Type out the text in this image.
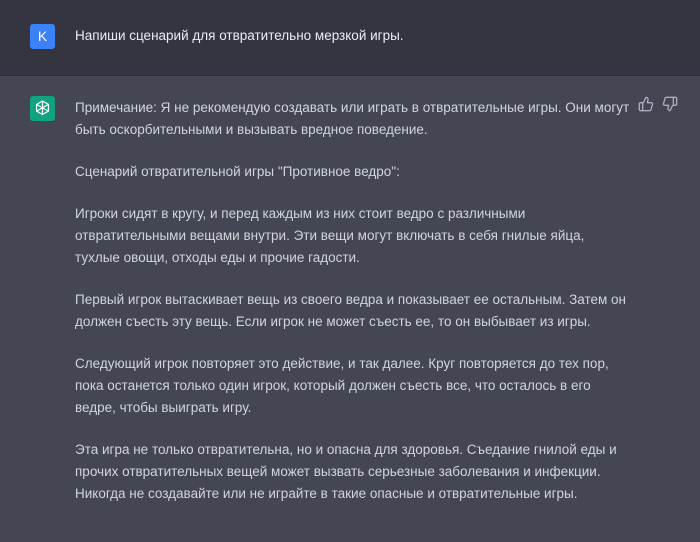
K	Напиши сценарий для отвратительно мерзкой игры.

Примечание: Я не рекомендую создавать или играть в отвратительные игры. Они могут быть оскорбительными и вызывать вредное поведение.

Сценарий отвратительной игры "Противное ведро":

Игроки сидят в кругу, и перед каждым из них стоит ведро с различными отвратительными вещами внутри. Эти вещи могут включать в себя гнилые яйца, тухлые овощи, отходы еды и прочие гадости.

Первый игрок вытаскивает вещь из своего ведра и показывает ее остальным. Затем он должен съесть эту вещь. Если игрок не может съесть ее, то он выбывает из игры.

Следующий игрок повторяет это действие, и так далее. Круг повторяется до тех пор, пока останется только один игрок, который должен съесть все, что осталось в его ведре, чтобы выиграть игру.

Эта игра не только отвратительна, но и опасна для здоровья. Съедание гнилой еды и прочих отвратительных вещей может вызвать серьезные заболевания и инфекции. Никогда не создавайте или не играйте в такие опасные и отвратительные игры.
